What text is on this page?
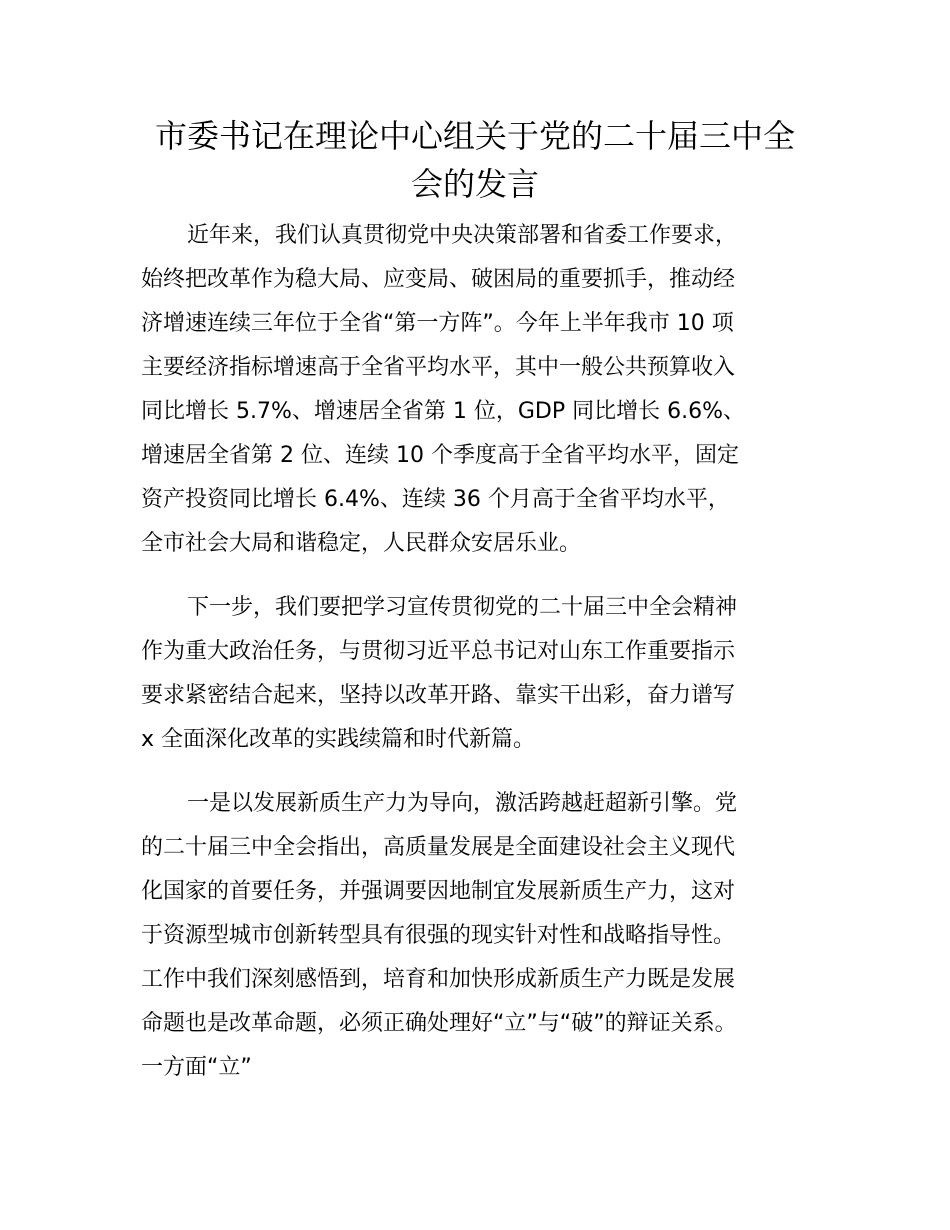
市委书记在理论中心组关于党的二十届三中全
会的发言
近年来，我们认真贯彻党中央决策部署和省委工作要求，
始终把改革作为稳大局、应变局、破困局的重要抓手，推动经
济增速连续三年位于全省“第一方阵”。今年上半年我市 10 项
主要经济指标增速高于全省平均水平，其中一般公共预算收入
同比增长 5.7%、增速居全省第 1 位，GDP 同比增长 6.6%、
增速居全省第 2 位、连续 10 个季度高于全省平均水平，固定
资产投资同比增长 6.4%、连续 36 个月高于全省平均水平，
全市社会大局和谐稳定，人民群众安居乐业。
下一步，我们要把学习宣传贯彻党的二十届三中全会精神
作为重大政治任务，与贯彻习近平总书记对山东工作重要指示
要求紧密结合起来，坚持以改革开路、靠实干出彩，奋力谱写
x 全面深化改革的实践续篇和时代新篇。
一是以发展新质生产力为导向，激活跨越赶超新引擎。党
的二十届三中全会指出，高质量发展是全面建设社会主义现代
化国家的首要任务，并强调要因地制宜发展新质生产力，这对
于资源型城市创新转型具有很强的现实针对性和战略指导性。
工作中我们深刻感悟到，培育和加快形成新质生产力既是发展
命题也是改革命题，必须正确处理好“立”与“破”的辩证关系。
一方面“立”
